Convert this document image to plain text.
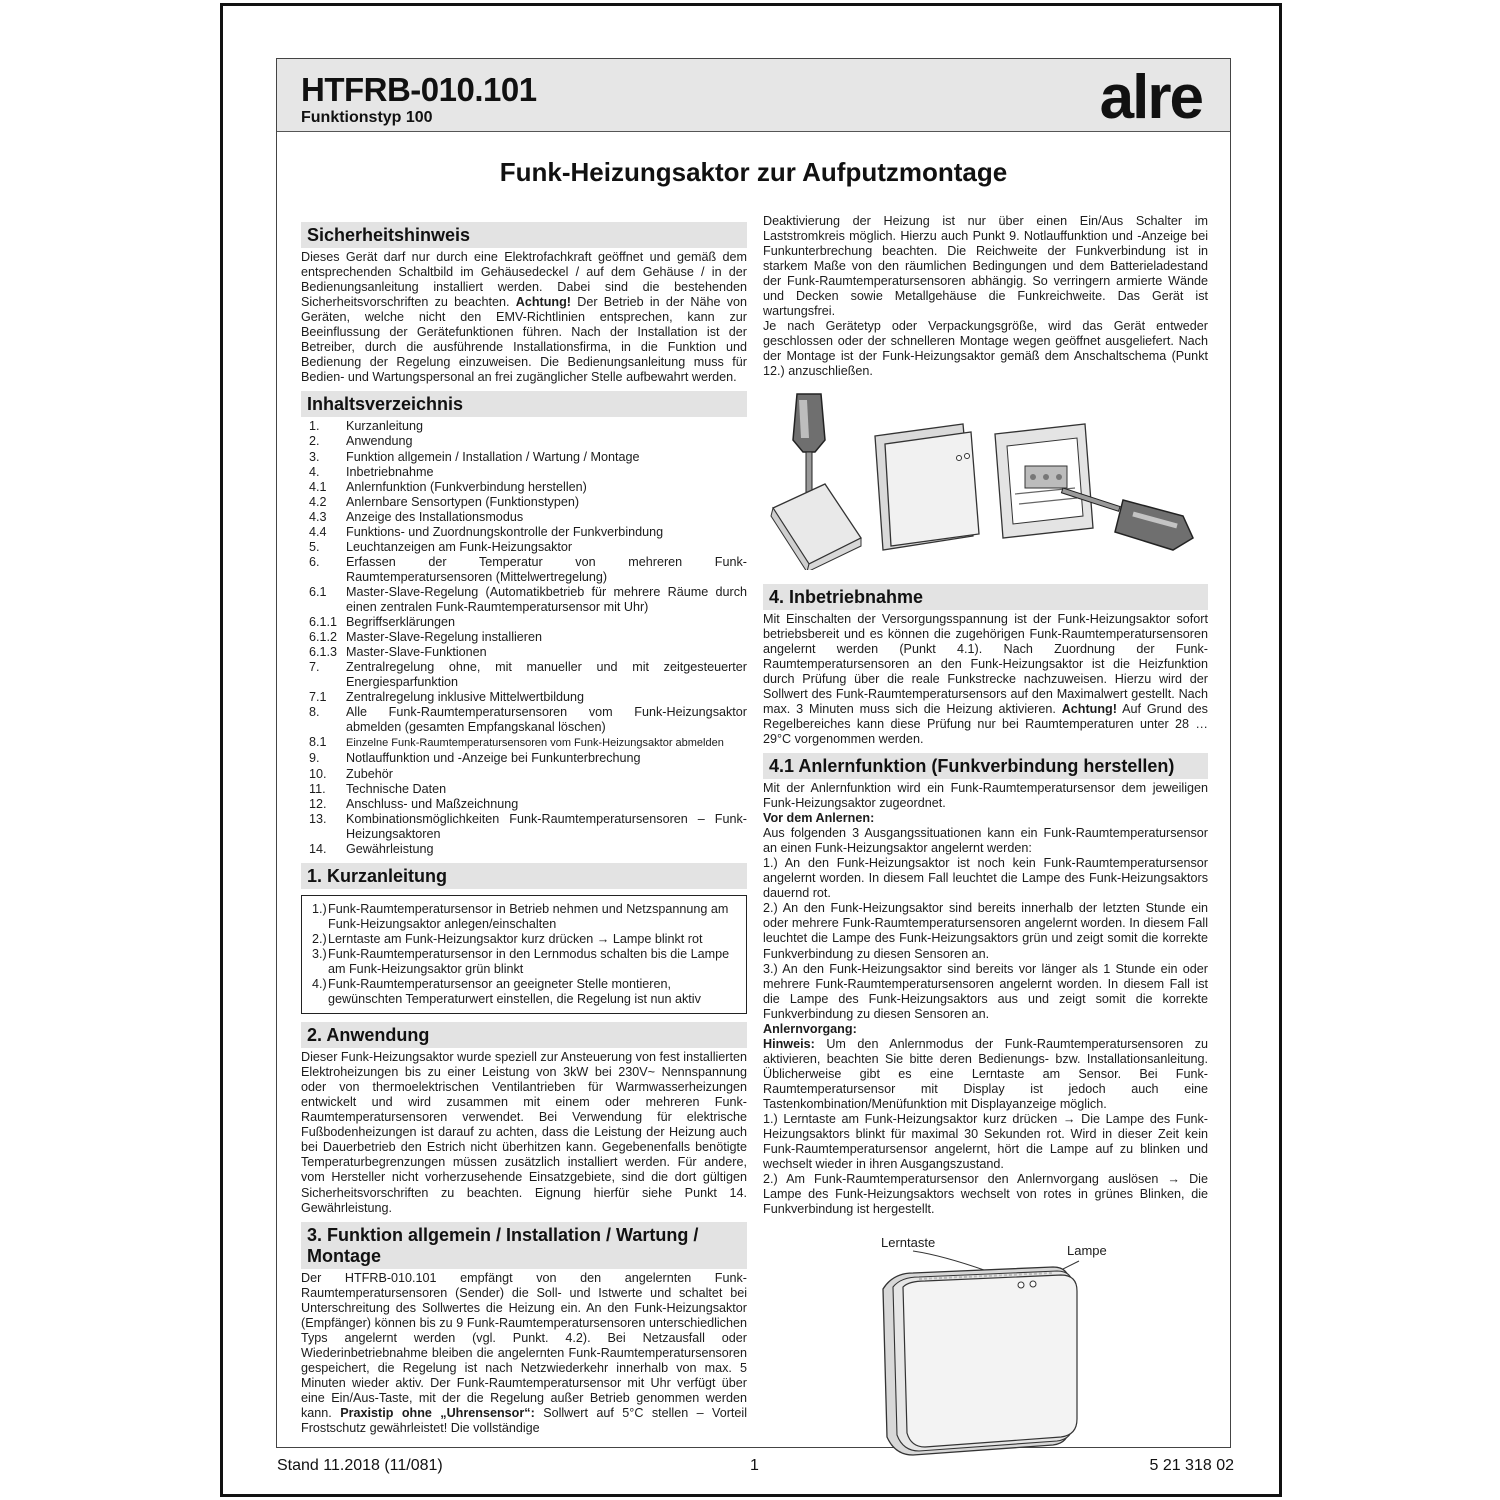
HTFRB-010.101
Funktionstyp 100	alre
Funk-Heizungsaktor zur Aufputzmontage
Sicherheitshinweis

Dieses Gerät darf nur durch eine Elektrofachkraft geöffnet und gemäß dem entsprechenden Schaltbild im Gehäusedeckel / auf dem Gehäuse / in der Bedienungsanleitung installiert werden. Dabei sind die bestehenden Sicherheitsvorschriften zu beachten. Achtung! Der Betrieb in der Nähe von Geräten, welche nicht den EMV-Richtlinien entsprechen, kann zur Beeinflussung der Gerätefunktionen führen. Nach der Installation ist der Betreiber, durch die ausführende Installationsfirma, in die Funktion und Bedienung der Regelung einzuweisen. Die Bedienungsanleitung muss für Bedien- und Wartungspersonal an frei zugänglicher Stelle aufbewahrt werden.

Inhaltsverzeichnis
1. Kurzanleitung
2. Anwendung
3. Funktion allgemein / Installation / Wartung / Montage
4. Inbetriebnahme
4.1 Anlernfunktion (Funkverbindung herstellen)
4.2 Anlernbare Sensortypen (Funktionstypen)
4.3 Anzeige des Installationsmodus
4.4 Funktions- und Zuordnungskontrolle der Funkverbindung
5. Leuchtanzeigen am Funk-Heizungsaktor
6. Erfassen der Temperatur von mehreren Funk-Raumtemperatursensoren (Mittelwertregelung)
6.1 Master-Slave-Regelung (Automatikbetrieb für mehrere Räume durch einen zentralen Funk-Raumtemperatursensor mit Uhr)
6.1.1 Begriffserklärungen
6.1.2 Master-Slave-Regelung installieren
6.1.3 Master-Slave-Funktionen
7. Zentralregelung ohne, mit manueller und mit zeitgesteuerter Energiesparfunktion
7.1 Zentralregelung inklusive Mittelwertbildung
8. Alle Funk-Raumtemperatursensoren vom Funk-Heizungsaktor abmelden (gesamten Empfangskanal löschen)
8.1 Einzelne Funk-Raumtemperatursensoren vom Funk-Heizungsaktor abmelden
9. Notlauffunktion und -Anzeige bei Funkunterbrechung
10. Zubehör
11. Technische Daten
12. Anschluss- und Maßzeichnung
13. Kombinationsmöglichkeiten Funk-Raumtemperatursensoren – Funk-Heizungsaktoren
14. Gewährleistung
1. Kurzanleitung
1.) Funk-Raumtemperatursensor in Betrieb nehmen und Netzspannung am Funk-Heizungsaktor anlegen/einschalten
2.) Lerntaste am Funk-Heizungsaktor kurz drücken → Lampe blinkt rot
3.) Funk-Raumtemperatursensor in den Lernmodus schalten bis die Lampe am Funk-Heizungsaktor grün blinkt
4.) Funk-Raumtemperatursensor an geeigneter Stelle montieren, gewünschten Temperaturwert einstellen, die Regelung ist nun aktiv
2. Anwendung

Dieser Funk-Heizungsaktor wurde speziell zur Ansteuerung von fest installierten Elektroheizungen bis zu einer Leistung von 3kW bei 230V~ Nennspannung oder von thermoelektrischen Ventilantrieben für Warmwasserheizungen entwickelt und wird zusammen mit einem oder mehreren Funk-Raumtemperatursensoren verwendet. Bei Verwendung für elektrische Fußbodenheizungen ist darauf zu achten, dass die Leistung der Heizung auch bei Dauerbetrieb den Estrich nicht überhitzen kann. Gegebenenfalls benötigte Temperaturbegrenzungen müssen zusätzlich installiert werden. Für andere, vom Hersteller nicht vorherzusehende Einsatzgebiete, sind die dort gültigen Sicherheitsvorschriften zu beachten. Eignung hierfür siehe Punkt 14. Gewährleistung.

3. Funktion allgemein / Installation / Wartung / Montage

Der HTFRB-010.101 empfängt von den angelernten Funk-Raumtemperatursensoren (Sender) die Soll- und Istwerte und schaltet bei Unterschreitung des Sollwertes die Heizung ein. An den Funk-Heizungsaktor (Empfänger) können bis zu 9 Funk-Raumtemperatursensoren unterschiedlichen Typs angelernt werden (vgl. Punkt. 4.2). Bei Netzausfall oder Wiederinbetriebnahme bleiben die angelernten Funk-Raumtemperatursensoren gespeichert, die Regelung ist nach Netzwiederkehr innerhalb von max. 5 Minuten wieder aktiv. Der Funk-Raumtemperatursensor mit Uhr verfügt über eine Ein/Aus-Taste, mit der die Regelung außer Betrieb genommen werden kann. Praxistip ohne „Uhrensensor“: Sollwert auf 5°C stellen – Vorteil Frostschutz gewährleistet! Die vollständige

Deaktivierung der Heizung ist nur über einen Ein/Aus Schalter im Laststromkreis möglich. Hierzu auch Punkt 9. Notlauffunktion und -Anzeige bei Funkunterbrechung beachten. Die Reichweite der Funkverbindung ist in starkem Maße von den räumlichen Bedingungen und dem Batterieladestand der Funk-Raumtemperatursensoren abhängig. So verringern armierte Wände und Decken sowie Metallgehäuse die Funkreichweite. Das Gerät ist wartungsfrei.

Je nach Gerätetyp oder Verpackungsgröße, wird das Gerät entweder geschlossen oder der schnelleren Montage wegen geöffnet ausgeliefert. Nach der Montage ist der Funk-Heizungsaktor gemäß dem Anschaltschema (Punkt 12.) anzuschließen.

4. Inbetriebnahme

Mit Einschalten der Versorgungsspannung ist der Funk-Heizungsaktor sofort betriebsbereit und es können die zugehörigen Funk-Raumtemperatursensoren angelernt werden (Punkt 4.1). Nach Zuordnung der Funk-Raumtemperatursensoren an den Funk-Heizungsaktor ist die Heizfunktion durch Prüfung über die reale Funkstrecke nachzuweisen. Hierzu wird der Sollwert des Funk-Raumtemperatursensors auf den Maximalwert gestellt. Nach max. 3 Minuten muss sich die Heizung aktivieren. Achtung! Auf Grund des Regelbereiches kann diese Prüfung nur bei Raumtemperaturen unter 28 … 29°C vorgenommen werden.

4.1 Anlernfunktion (Funkverbindung herstellen)

Mit der Anlernfunktion wird ein Funk-Raumtemperatursensor dem jeweiligen Funk-Heizungsaktor zugeordnet.

Vor dem Anlernen:

Aus folgenden 3 Ausgangssituationen kann ein Funk-Raumtemperatursensor an einen Funk-Heizungsaktor angelernt werden:

1.) An den Funk-Heizungsaktor ist noch kein Funk-Raumtemperatursensor angelernt worden. In diesem Fall leuchtet die Lampe des Funk-Heizungsaktors dauernd rot.

2.) An den Funk-Heizungsaktor sind bereits innerhalb der letzten Stunde ein oder mehrere Funk-Raumtemperatursensoren angelernt worden. In diesem Fall leuchtet die Lampe des Funk-Heizungsaktors grün und zeigt somit die korrekte Funkverbindung zu diesen Sensoren an.

3.) An den Funk-Heizungsaktor sind bereits vor länger als 1 Stunde ein oder mehrere Funk-Raumtemperatursensoren angelernt worden. In diesem Fall ist die Lampe des Funk-Heizungsaktors aus und zeigt somit die korrekte Funkverbindung zu diesen Sensoren an.

Anlernvorgang:

Hinweis: Um den Anlernmodus der Funk-Raumtemperatursensoren zu aktivieren, beachten Sie bitte deren Bedienungs- bzw. Installationsanleitung. Üblicherweise gibt es eine Lerntaste am Sensor. Bei Funk-Raumtemperatursensor mit Display ist jedoch auch eine Tastenkombination/Menüfunktion mit Displayanzeige möglich.

1.) Lerntaste am Funk-Heizungsaktor kurz drücken → Die Lampe des Funk- Heizungsaktors blinkt für maximal 30 Sekunden rot. Wird in dieser Zeit kein Funk-Raumtemperatursensor angelernt, hört die Lampe auf zu blinken und wechselt wieder in ihren Ausgangszustand.

2.) Am Funk-Raumtemperatursensor den Anlernvorgang auslösen → Die Lampe des Funk-Heizungsaktors wechselt von rotes in grünes Blinken, die Funkverbindung ist hergestellt.

Lerntaste
Lampe
Stand 11.2018 (11/081)	1	5 21 318 02
